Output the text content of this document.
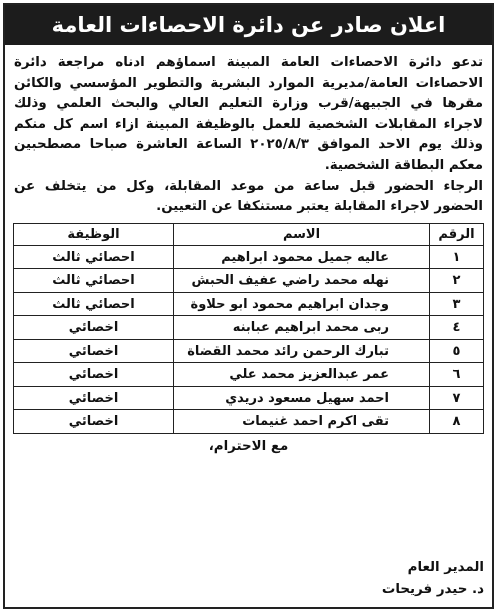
اعلان صادر عن دائرة الاحصاءات العامة

تدعو دائرة الاحصاءات العامة المبينة اسماؤهم ادناه مراجعة دائرة الاحصاءات العامة/مديرية الموارد البشرية والتطوير المؤسسي والكائن مقرها في الجبيهة/قرب وزارة التعليم العالي والبحث العلمي وذلك لاجراء المقابلات الشخصية للعمل بالوظيفة المبينة ازاء اسم كل منكم وذلك يوم الاحد الموافق ٢٠٢٥/٨/٣ الساعة العاشرة صباحا مصطحبين معكم البطاقة الشخصية.

الرجاء الحضور قبل ساعة من موعد المقابلة، وكل من يتخلف عن الحضور لاجراء المقابلة يعتبر مستنكفا عن التعيين.

الرقم	الاسم	الوظيفة
١	عاليه جميل محمود ابراهيم	احصائي ثالث
٢	نهله محمد راضي عفيف الحبش	احصائي ثالث
٣	وجدان ابراهيم محمود ابو حلاوة	احصائي ثالث
٤	ربى محمد ابراهيم عبابنه	اخصائي
٥	تبارك الرحمن رائد محمد القضاة	اخصائي
٦	عمر عبدالعزيز محمد علي	اخصائي
٧	احمد سهيل مسعود دريدي	اخصائي
٨	تقى اكرم احمد غنيمات	اخصائي
مع الاحترام،
المدير العام
د. حيدر فريحات
